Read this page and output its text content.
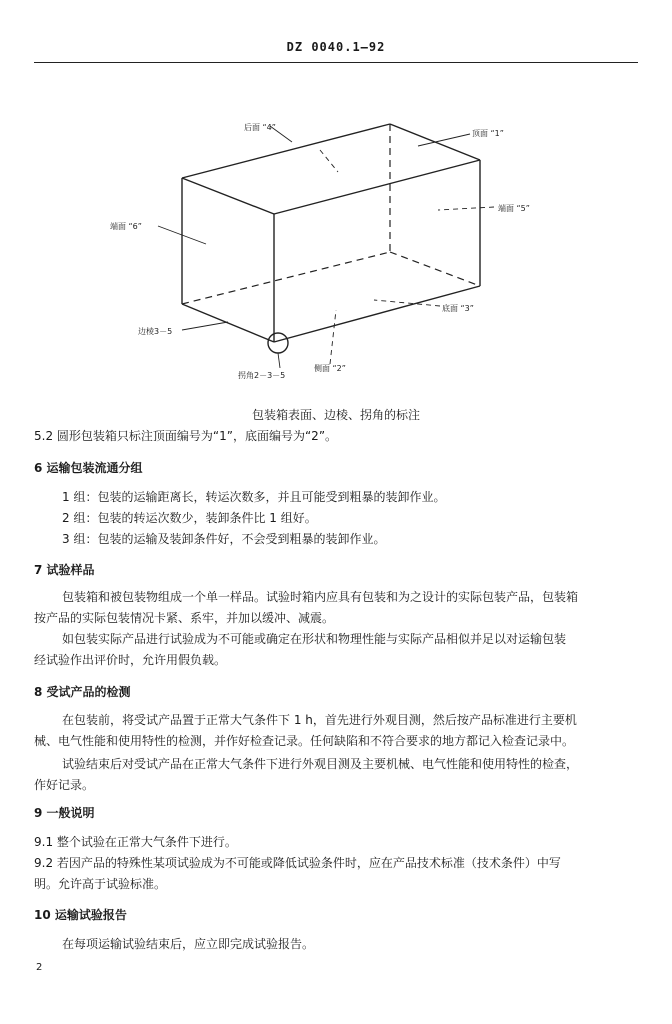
DZ 0040.1—92
后面 “4”
顶面 “1”
端面 “6”
端面 “5”
底面 “3”
边棱3－5
侧面 “2”
拐角2－3－5
包装箱表面、边棱、拐角的标注
5.2 圆形包装箱只标注顶面编号为“1”，底面编号为“2”。
6 运输包装流通分组
1 组：包装的运输距离长，转运次数多，并且可能受到粗暴的装卸作业。
2 组：包装的转运次数少，装卸条件比 1 组好。
3 组：包装的运输及装卸条件好，不会受到粗暴的装卸作业。
7 试验样品
包装箱和被包装物组成一个单一样品。试验时箱内应具有包装和为之设计的实际包装产品，包装箱
按产品的实际包装情况卡紧、系牢，并加以缓冲、减震。
如包装实际产品进行试验成为不可能或确定在形状和物理性能与实际产品相似并足以对运输包装
经试验作出评价时，允许用假负载。
8 受试产品的检测
在包装前，将受试产品置于正常大气条件下 1 h，首先进行外观目测，然后按产品标准进行主要机
械、电气性能和使用特性的检测，并作好检查记录。任何缺陷和不符合要求的地方都记入检查记录中。
试验结束后对受试产品在正常大气条件下进行外观目测及主要机械、电气性能和使用特性的检查，
作好记录。
9 一般说明
9.1 整个试验在正常大气条件下进行。
9.2 若因产品的特殊性某项试验成为不可能或降低试验条件时，应在产品技术标准（技术条件）中写
明。允许高于试验标准。
10 运输试验报告
在每项运输试验结束后，应立即完成试验报告。
2
